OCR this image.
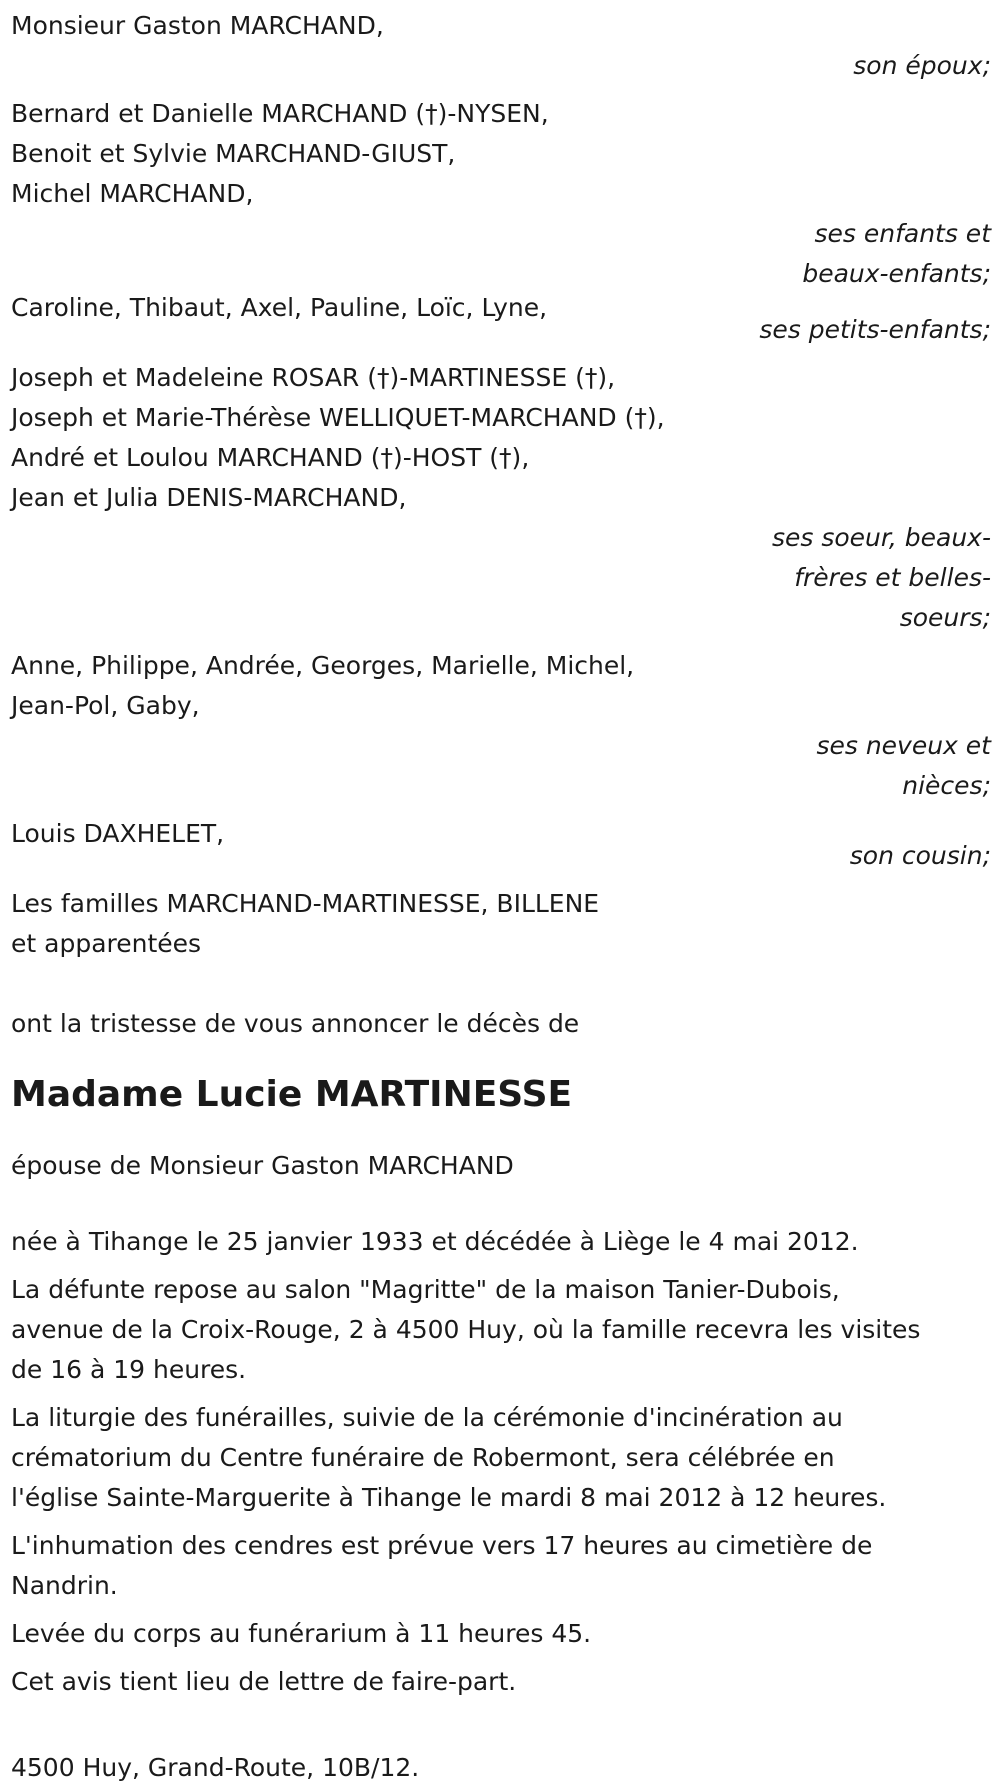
Monsieur Gaston MARCHAND,
son époux;
Bernard et Danielle MARCHAND (†)-NYSEN,
Benoit et Sylvie MARCHAND-GIUST,
Michel MARCHAND,
ses enfants et
beaux-enfants;
Caroline, Thibaut, Axel, Pauline, Loïc, Lyne,
ses petits-enfants;
Joseph et Madeleine ROSAR (†)-MARTINESSE (†),
Joseph et Marie-Thérèse WELLIQUET-MARCHAND (†),
André et Loulou MARCHAND (†)-HOST (†),
Jean et Julia DENIS-MARCHAND,
ses soeur, beaux-
frères et belles-
soeurs;
Anne, Philippe, Andrée, Georges, Marielle, Michel,
Jean-Pol, Gaby,
ses neveux et
nièces;
Louis DAXHELET,
son cousin;
Les familles MARCHAND-MARTINESSE, BILLENE
et apparentées

ont la tristesse de vous annoncer le décès de

Madame Lucie MARTINESSE

épouse de Monsieur Gaston MARCHAND

née à Tihange le 25 janvier 1933 et décédée à Liège le 4 mai 2012.

La défunte repose au salon "Magritte" de la maison Tanier-Dubois,
avenue de la Croix-Rouge, 2 à 4500 Huy, où la famille recevra les visites
de 16 à 19 heures.

La liturgie des funérailles, suivie de la cérémonie d'incinération au
crématorium du Centre funéraire de Robermont, sera célébrée en
l'église Sainte-Marguerite à Tihange le mardi 8 mai 2012 à 12 heures.

L'inhumation des cendres est prévue vers 17 heures au cimetière de
Nandrin.

Levée du corps au funérarium à 11 heures 45.

Cet avis tient lieu de lettre de faire-part.

4500 Huy, Grand-Route, 10B/12.
